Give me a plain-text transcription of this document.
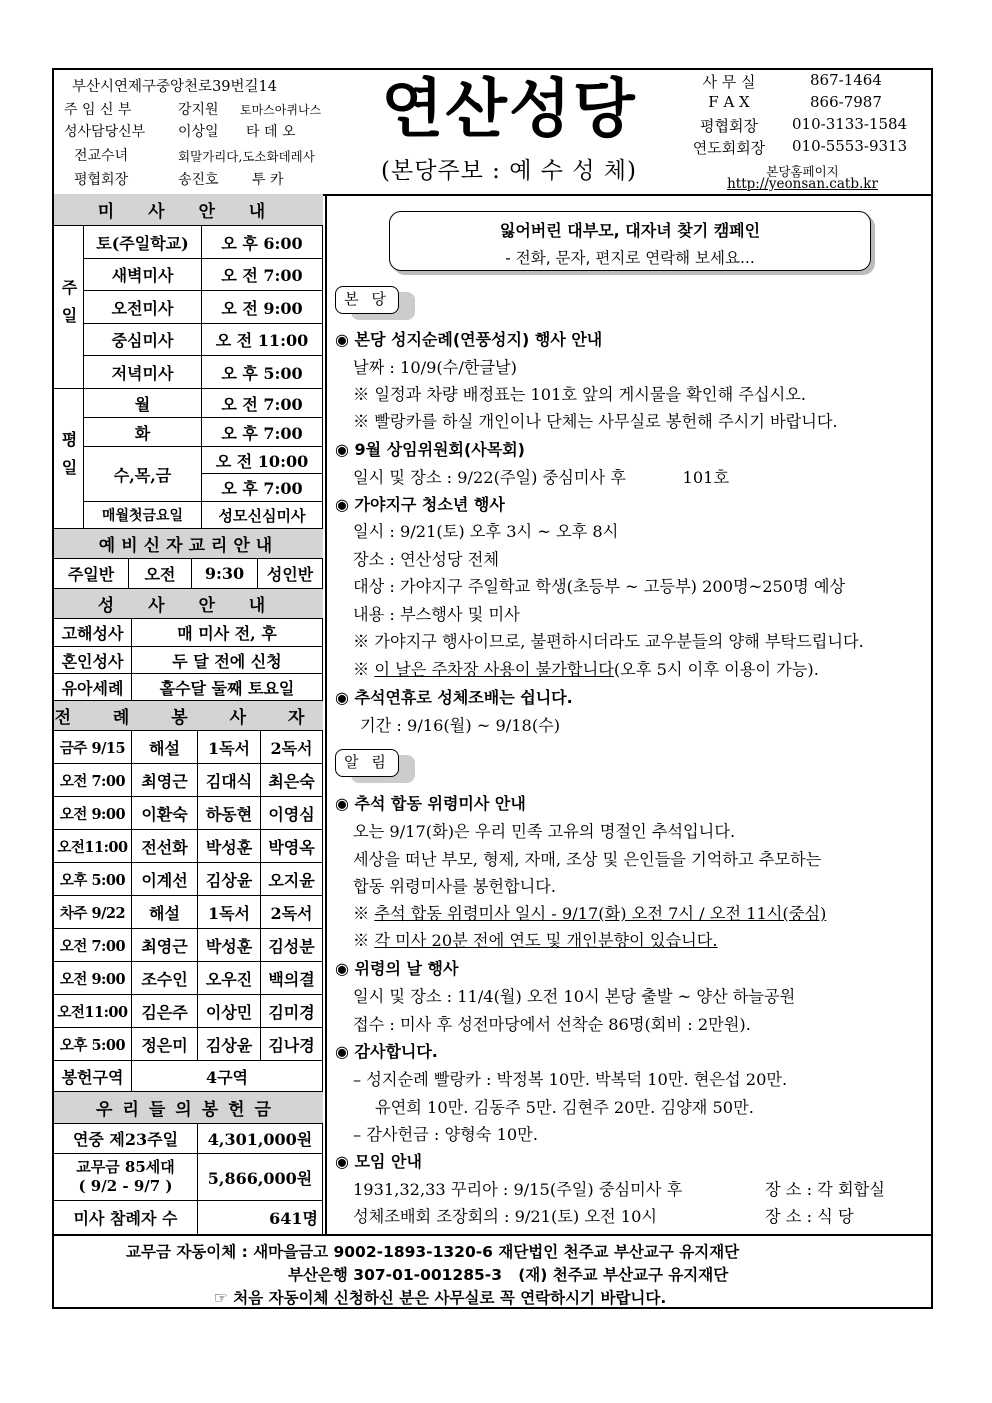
부산시연제구중앙천로39번길14
주 임 신 부	강지원 토마스아퀴나스
성사담당신부 이상일 타 데 오
전교수녀	회말가리다,도소화데레사
평협회장	송진호 투 카
연산성당
(본당주보 : 예 수 성 체)
사 무 실	867-1464
F A X	866-7987
평협회장	010-3133-1584
연도회회장	010-5553-9313
본당홈페이지
http://yeonsan.catb.kr
미 사 안 내
주일
토(주일학교)	오 후 6:00
새벽미사	오 전 7:00
오전미사	오 전 9:00
중심미사	오 전 11:00
저녁미사	오 후 5:00
평일
월	오 전 7:00
화	오 후 7:00
수,목,금
오 전 10:00
오 후 7:00
매월첫금요일	성모신심미사
예비신자교리안내
주일반	오전	9:30	성인반
성 사 안 내
고해성사	매 미사 전, 후
혼인성사	두 달 전에 신청
유아세례	홀수달 둘째 토요일
전 례 봉 사 자
금주 9/15	해설	1독서	2독서
오전 7:00	최영근	김대식	최은숙
오전 9:00	이환숙	하동현	이영심
오전11:00 전선화	박성훈	박영옥
오후 5:00	이계선	김상윤	오지윤
차주 9/22	해설	1독서	2독서
오전 7:00	최영근	박성훈	김성분
오전 9:00	조수인	오우진	백의결
오전11:00 김은주	이상민	김미경
오후 5:00	정은미	김상윤	김나경
봉헌구역	4구역
우리들의봉헌금
연중 제23주일	4,301,000원
교무금 85세대
( 9/2 - 9/7 )	5,866,000원
미사 참례자 수	641명
잃어버린 대부모, 대자녀 찾기 캠페인
- 전화, 문자, 편지로 연락해 보세요...
본 당
◉ 본당 성지순례(연풍성지) 행사 안내
날짜 : 10/9(수/한글날)
※ 일정과 차량 배정표는 101호 앞의 게시물을 확인해 주십시오.
※ 빨랑카를 하실 개인이나 단체는 사무실로 봉헌해 주시기 바랍니다.
◉ 9월 상임위원회(사목회)
일시 및 장소 : 9/22(주일) 중심미사 후           101호
◉ 가야지구 청소년 행사
일시 : 9/21(토) 오후 3시 ~ 오후 8시
장소 : 연산성당 전체
대상 : 가야지구 주일학교 학생(초등부 ~ 고등부) 200명~250명 예상
내용 : 부스행사 및 미사
※ 가야지구 행사이므로, 불편하시더라도 교우분들의 양해 부탁드립니다.
※ 이 날은 주차장 사용이 불가합니다(오후 5시 이후 이용이 가능).
◉ 추석연휴로 성체조배는 쉽니다.
기간 : 9/16(월) ~ 9/18(수)
알 림
◉ 추석 합동 위령미사 안내
오는 9/17(화)은 우리 민족 고유의 명절인 추석입니다.
세상을 떠난 부모, 형제, 자매, 조상 및 은인들을 기억하고 추모하는
합동 위령미사를 봉헌합니다.
※ 추석 합동 위령미사 일시 - 9/17(화) 오전 7시 / 오전 11시(중심)
※ 각 미사 20분 전에 연도 및 개인분향이 있습니다.
◉ 위령의 날 행사
일시 및 장소 : 11/4(월) 오전 10시 본당 출발 ~ 양산 하늘공원
접수 : 미사 후 성전마당에서 선착순 86명(회비 : 2만원).
◉ 감사합니다.
– 성지순례 빨랑카 : 박정복 10만. 박복덕 10만. 현은섭 20만.
유연희 10만. 김동주 5만. 김현주 20만. 김양재 50만.
– 감사헌금 : 양형숙 10만.
◉ 모임 안내
1931,32,33 꾸리아 : 9/15(주일) 중심미사 후	장 소 : 각 회합실
성체조배회 조장회의 : 9/21(토) 오전 10시	장 소 : 식 당
교무금 자동이체 : 새마을금고 9002-1893-1320-6 재단법인 천주교 부산교구 유지재단
부산은행 307-01-001285-3   (재) 천주교 부산교구 유지재단
☞ 처음 자동이체 신청하신 분은 사무실로 꼭 연락하시기 바랍니다.
